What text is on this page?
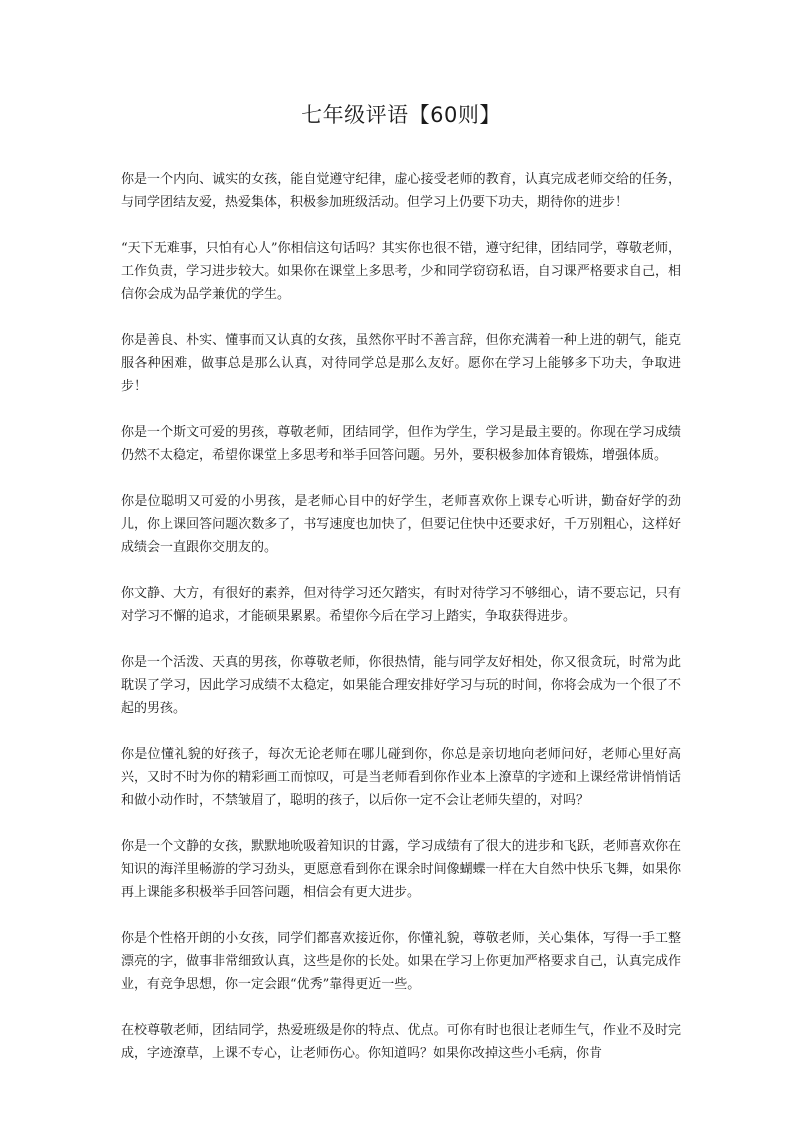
七年级评语【60则】

你是一个内向、诚实的女孩，能自觉遵守纪律，虚心接受老师的教育，认真完成老师交给的任务，与同学团结友爱，热爱集体，积极参加班级活动。但学习上仍要下功夫，期待你的进步！

“天下无难事，只怕有心人”你相信这句话吗？其实你也很不错，遵守纪律，团结同学，尊敬老师，工作负责，学习进步较大。如果你在课堂上多思考，少和同学窃窃私语，自习课严格要求自己，相信你会成为品学兼优的学生。

你是善良、朴实、懂事而又认真的女孩，虽然你平时不善言辞，但你充满着一种上进的朝气，能克服各种困难，做事总是那么认真，对待同学总是那么友好。愿你在学习上能够多下功夫，争取进步！

你是一个斯文可爱的男孩，尊敬老师，团结同学，但作为学生，学习是最主要的。你现在学习成绩仍然不太稳定，希望你课堂上多思考和举手回答问题。另外，要积极参加体育锻炼，增强体质。

你是位聪明又可爱的小男孩，是老师心目中的好学生，老师喜欢你上课专心听讲，勤奋好学的劲儿，你上课回答问题次数多了，书写速度也加快了，但要记住快中还要求好，千万别粗心，这样好成绩会一直跟你交朋友的。

你文静、大方，有很好的素养，但对待学习还欠踏实，有时对待学习不够细心，请不要忘记，只有对学习不懈的追求，才能硕果累累。希望你今后在学习上踏实，争取获得进步。

你是一个活泼、天真的男孩，你尊敬老师，你很热情，能与同学友好相处，你又很贪玩，时常为此耽误了学习，因此学习成绩不太稳定，如果能合理安排好学习与玩的时间，你将会成为一个很了不起的男孩。

你是位懂礼貌的好孩子，每次无论老师在哪儿碰到你，你总是亲切地向老师问好，老师心里好高兴，又时不时为你的精彩画工而惊叹，可是当老师看到你作业本上潦草的字迹和上课经常讲悄悄话和做小动作时，不禁皱眉了，聪明的孩子，以后你一定不会让老师失望的，对吗？

你是一个文静的女孩，默默地吮吸着知识的甘露，学习成绩有了很大的进步和飞跃，老师喜欢你在知识的海洋里畅游的学习劲头，更愿意看到你在课余时间像蝴蝶一样在大自然中快乐飞舞，如果你再上课能多积极举手回答问题，相信会有更大进步。

你是个性格开朗的小女孩，同学们都喜欢接近你，你懂礼貌，尊敬老师，关心集体，写得一手工整漂亮的字，做事非常细致认真，这些是你的长处。如果在学习上你更加严格要求自己，认真完成作业，有竞争思想，你一定会跟“优秀”靠得更近一些。

在校尊敬老师，团结同学，热爱班级是你的特点、优点。可你有时也很让老师生气，作业不及时完成，字迹潦草，上课不专心，让老师伤心。你知道吗？如果你改掉这些小毛病，你肯
